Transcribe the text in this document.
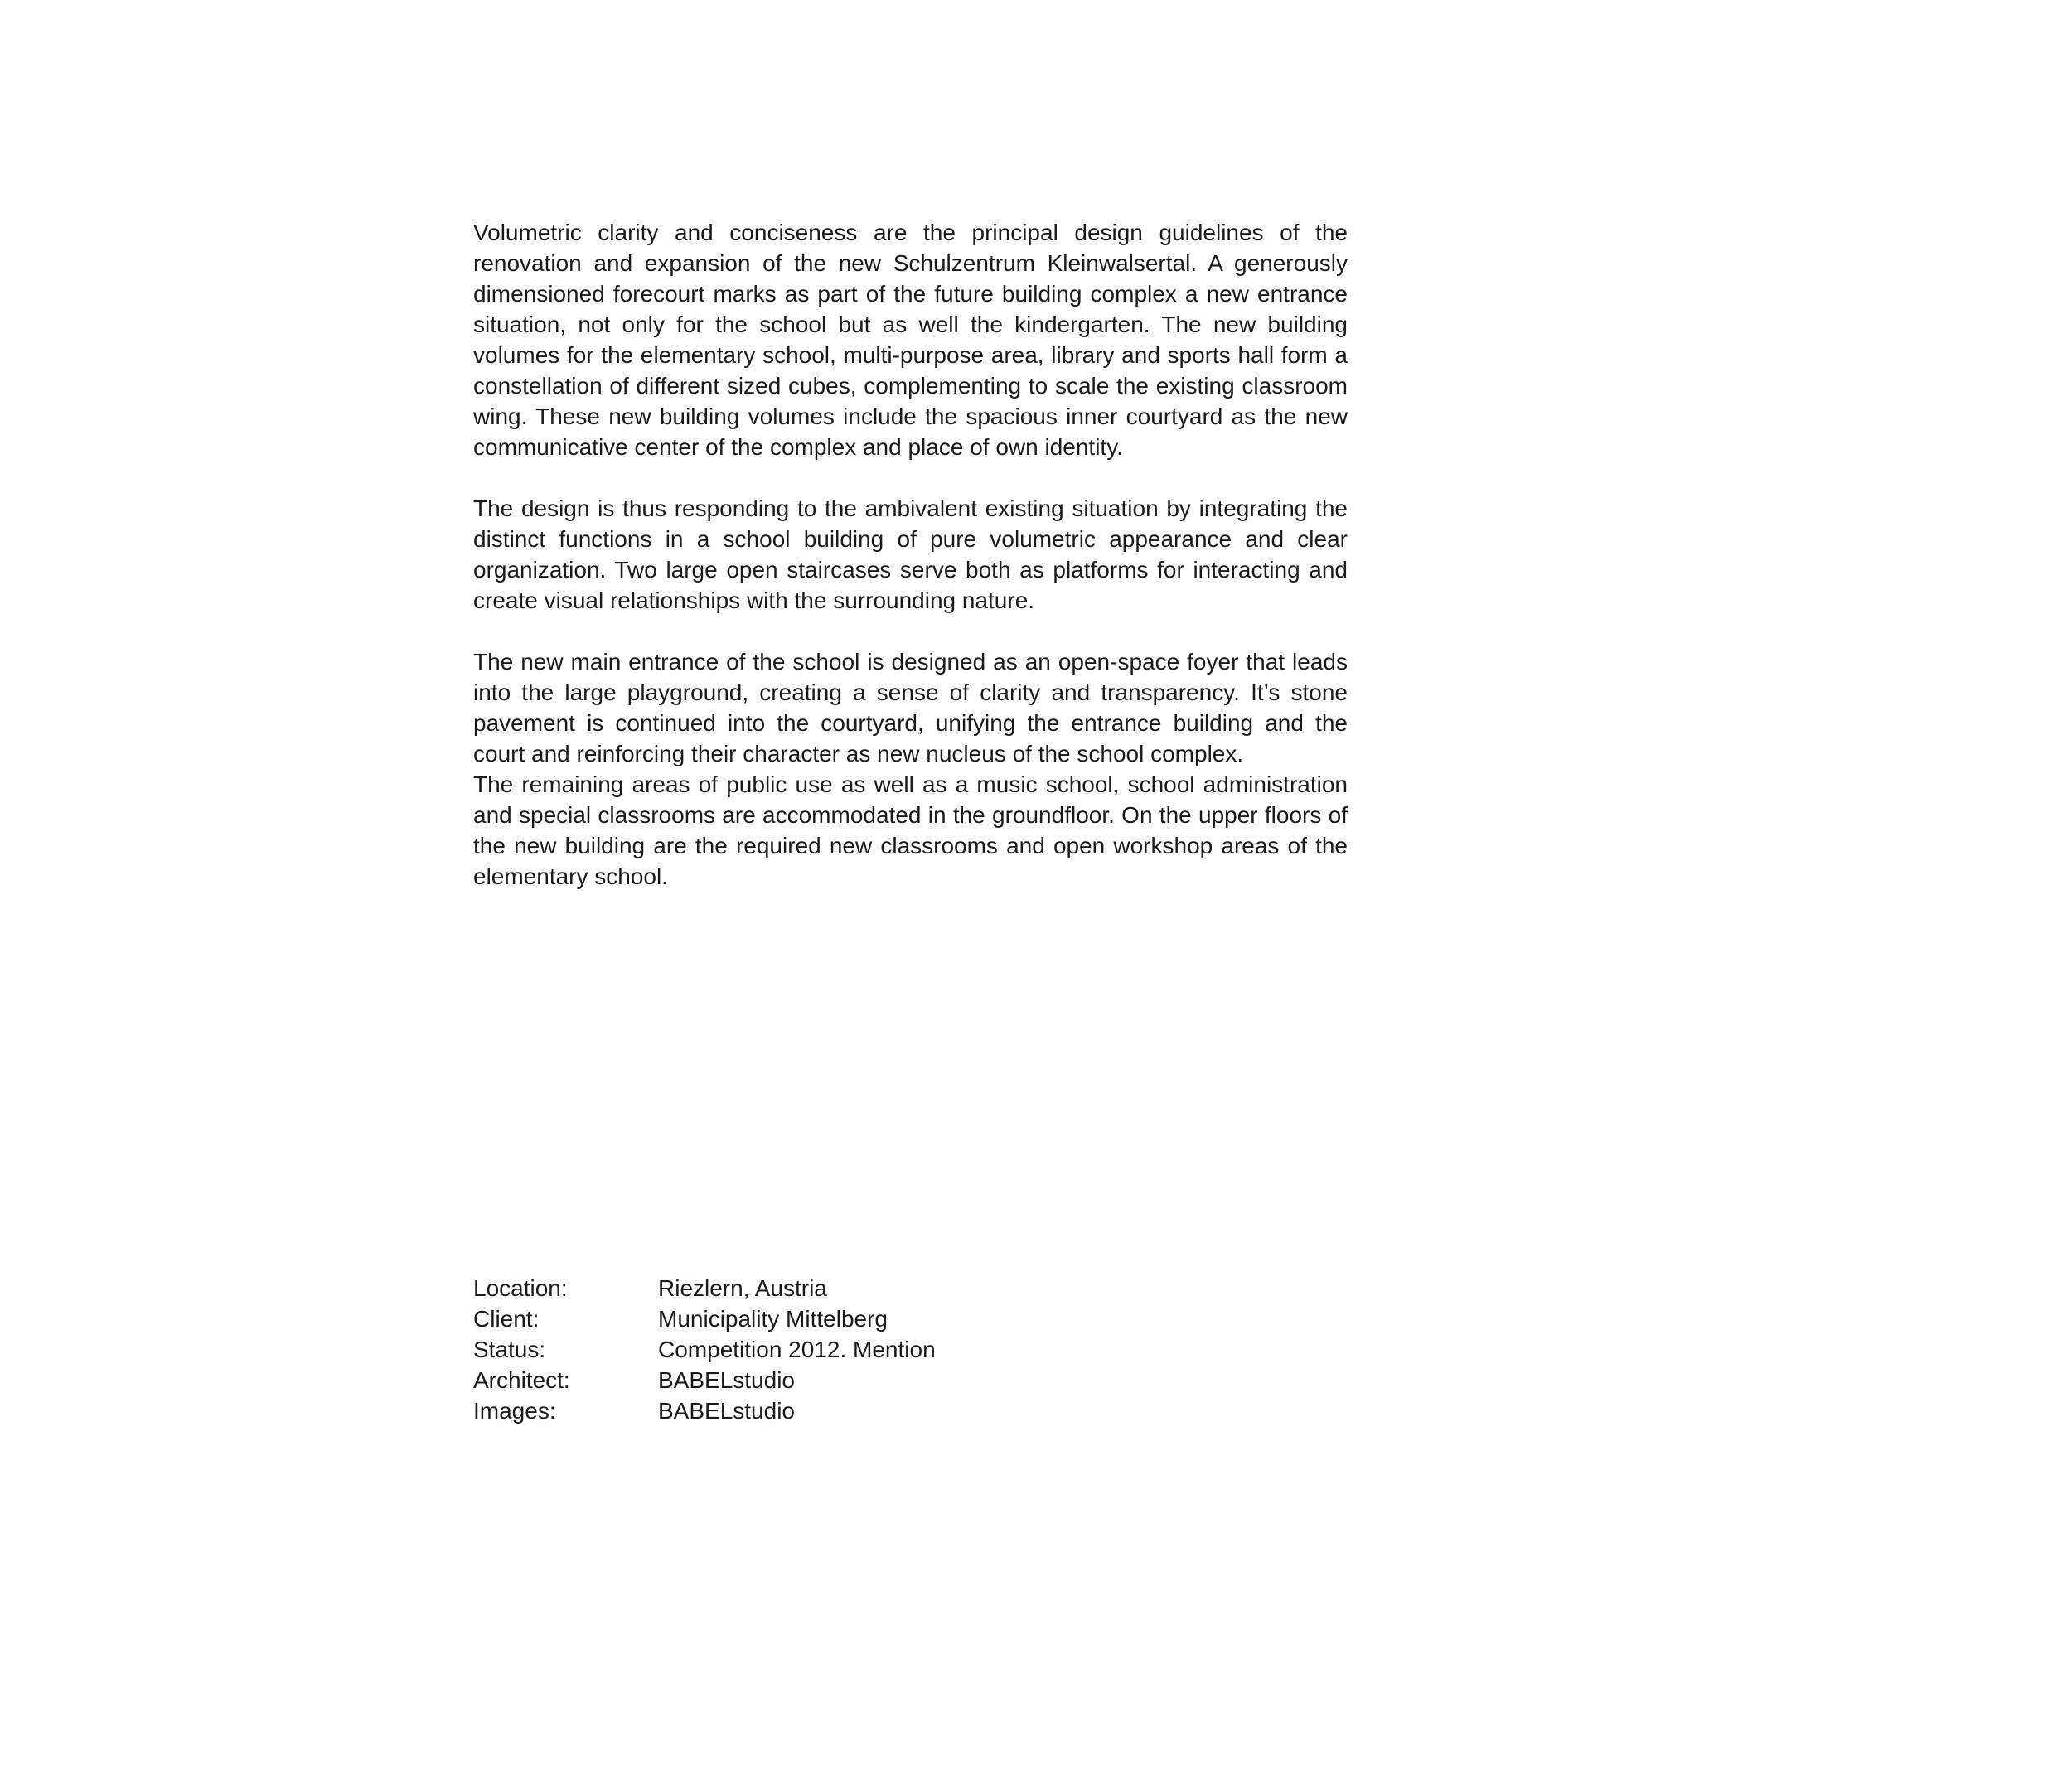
Volumetric clarity and conciseness are the principal design guidelines of the renovation and expansion of the new Schulzentrum Kleinwalsertal. A generously dimensioned forecourt marks as part of the future building complex a new entrance situation, not only for the school but as well the kindergarten. The new building volumes for the elementary school, multi-purpose area, library and sports hall form a constellation of different sized cubes, complementing to scale the existing classroom wing. These new building volumes include the spacious inner courtyard as the new communicative center of the complex and place of own identity.

The design is thus responding to the ambivalent existing situation by integrating the distinct functions in a school building of pure volumetric appearance and clear organization. Two large open staircases serve both as platforms for interacting and create visual relationships with the surrounding nature.

The new main entrance of the school is designed as an open-space foyer that leads into the large playground, creating a sense of clarity and transparency. It’s stone pavement is continued into the courtyard, unifying the entrance building and the court and reinforcing their character as new nucleus of the school complex.

The remaining areas of public use as well as a music school, school administration and special classrooms are accommodated in the groundfloor. On the upper floors of the new building are the required new classrooms and open workshop areas of the elementary school.

Location:	Riezlern, Austria
Client:	Municipality Mittelberg
Status:	Competition 2012. Mention
Architect:	BABELstudio
Images:	BABELstudio
